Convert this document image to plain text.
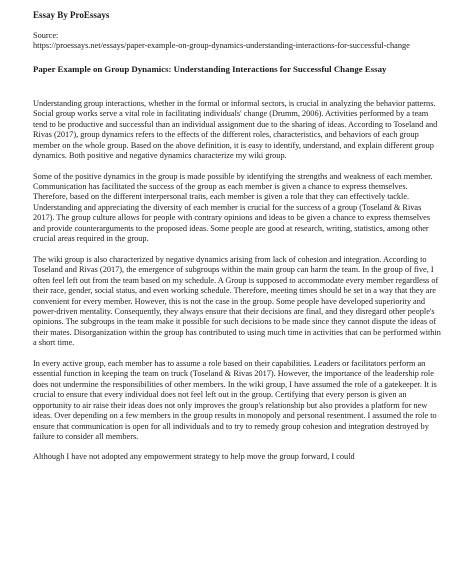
Essay By ProEssays

Source:

https://proessays.net/essays/paper-example-on-group-dynamics-understanding-interactions-for-successful-change

Paper Example on Group Dynamics: Understanding Interactions for Successful Change Essay

Understanding group interactions, whether in the formal or informal sectors, is crucial in analyzing the behavior patterns. Social group works serve a vital role in facilitating individuals' change (Drumm, 2006). Activities performed by a team tend to be productive and successful than an individual assignment due to the sharing of ideas. According to Toseland and Rivas (2017), group dynamics refers to the effects of the different roles, characteristics, and behaviors of each group member on the whole group. Based on the above definition, it is easy to identify, understand, and explain different group dynamics. Both positive and negative dynamics characterize my wiki group.

Some of the positive dynamics in the group is made possible by identifying the strengths and weakness of each member. Communication has facilitated the success of the group as each member is given a chance to express themselves. Therefore, based on the different interpersonal traits, each member is given a role that they can effectively tackle. Understanding and appreciating the diversity of each member is crucial for the success of a group (Toseland & Rivas 2017). The group culture allows for people with contrary opinions and ideas to be given a chance to express themselves and provide counterarguments to the proposed ideas. Some people are good at research, writing, statistics, among other crucial areas required in the group.

The wiki group is also characterized by negative dynamics arising from lack of cohesion and integration. According to Toseland and Rivas (2017), the emergence of subgroups within the main group can harm the team. In the group of five, I often feel left out from the team based on my schedule. A Group is supposed to accommodate every member regardless of their race, gender, social status, and even working schedule. Therefore, meeting times should be set in a way that they are convenient for every member. However, this is not the case in the group. Some people have developed superiority and power-driven mentality. Consequently, they always ensure that their decisions are final, and they disregard other people's opinions. The subgroups in the team make it possible for such decisions to be made since they cannot dispute the ideas of their mates. Disorganization within the group has contributed to using much time in activities that can be performed within a short time.

In every active group, each member has to assume a role based on their capabilities. Leaders or facilitators perform an essential function in keeping the team on truck (Toseland & Rivas 2017). However, the importance of the leadership role does not undermine the responsibilities of other members. In the wiki group, I have assumed the role of a gatekeeper. It is crucial to ensure that every individual does not feel left out in the group. Certifying that every person is given an opportunity to air raise their ideas does not only improves the group's relationship but also provides a platform for new ideas. Over depending on a few members in the group results in monopoly and personal resentment. I assumed the role to ensure that communication is open for all individuals and to try to remedy group cohesion and integration destroyed by failure to consider all members.

Although I have not adopted any empowerment strategy to help move the group forward, I could
